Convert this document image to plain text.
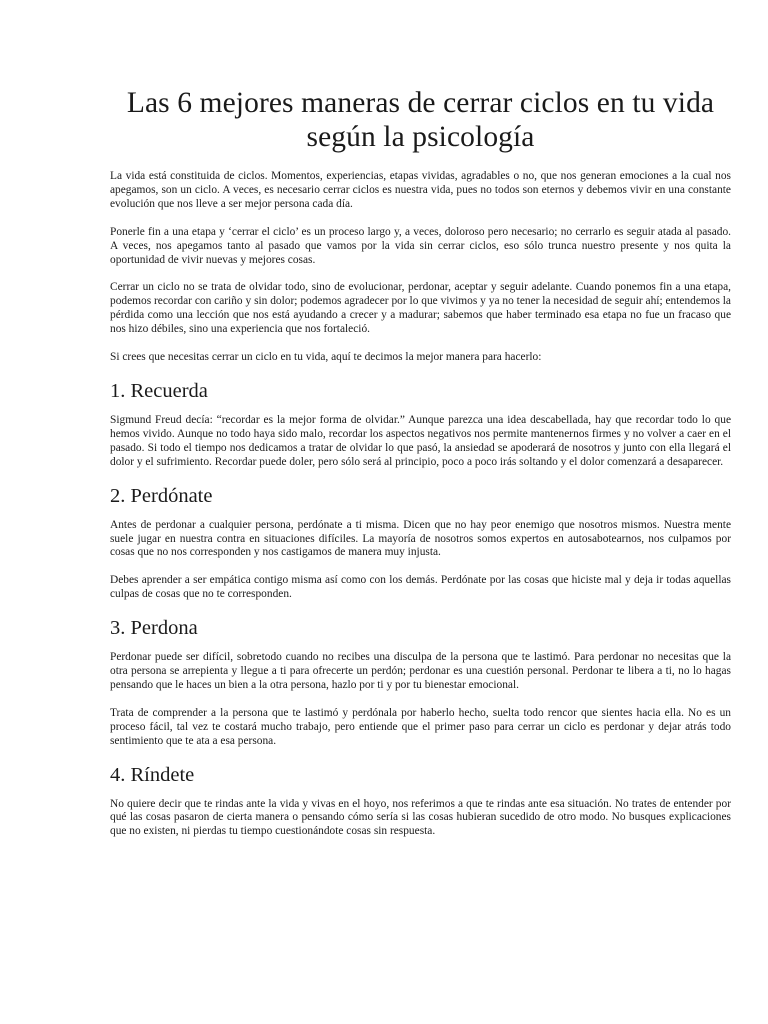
Las 6 mejores maneras de cerrar ciclos en tu vida según la psicología

La vida está constituida de ciclos. Momentos, experiencias, etapas vividas, agradables o no, que nos generan emociones a la cual nos apegamos, son un ciclo. A veces, es necesario cerrar ciclos es nuestra vida, pues no todos son eternos y debemos vivir en una constante evolución que nos lleve a ser mejor persona cada día.

Ponerle fin a una etapa y ‘cerrar el ciclo’ es un proceso largo y, a veces, doloroso pero necesario; no cerrarlo es seguir atada al pasado. A veces, nos apegamos tanto al pasado que vamos por la vida sin cerrar ciclos, eso sólo trunca nuestro presente y nos quita la oportunidad de vivir nuevas y mejores cosas.

Cerrar un ciclo no se trata de olvidar todo, sino de evolucionar, perdonar, aceptar y seguir adelante. Cuando ponemos fin a una etapa, podemos recordar con cariño y sin dolor; podemos agradecer por lo que vivimos y ya no tener la necesidad de seguir ahí; entendemos la pérdida como una lección que nos está ayudando a crecer y a madurar; sabemos que haber terminado esa etapa no fue un fracaso que nos hizo débiles, sino una experiencia que nos fortaleció.

Si crees que necesitas cerrar un ciclo en tu vida, aquí te decimos la mejor manera para hacerlo:

1. Recuerda

Sigmund Freud decía: “recordar es la mejor forma de olvidar.” Aunque parezca una idea descabellada, hay que recordar todo lo que hemos vivido. Aunque no todo haya sido malo, recordar los aspectos negativos nos permite mantenernos firmes y no volver a caer en el pasado. Si todo el tiempo nos dedicamos a tratar de olvidar lo que pasó, la ansiedad se apoderará de nosotros y junto con ella llegará el dolor y el sufrimiento. Recordar puede doler, pero sólo será al principio, poco a poco irás soltando y el dolor comenzará a desaparecer.

2. Perdónate

Antes de perdonar a cualquier persona, perdónate a ti misma. Dicen que no hay peor enemigo que nosotros mismos. Nuestra mente suele jugar en nuestra contra en situaciones difíciles. La mayoría de nosotros somos expertos en autosabotearnos, nos culpamos por cosas que no nos corresponden y nos castigamos de manera muy injusta.

Debes aprender a ser empática contigo misma así como con los demás. Perdónate por las cosas que hiciste mal y deja ir todas aquellas culpas de cosas que no te corresponden.

3. Perdona

Perdonar puede ser difícil, sobretodo cuando no recibes una disculpa de la persona que te lastimó. Para perdonar no necesitas que la otra persona se arrepienta y llegue a ti para ofrecerte un perdón; perdonar es una cuestión personal. Perdonar te libera a ti, no lo hagas pensando que le haces un bien a la otra persona, hazlo por ti y por tu bienestar emocional.

Trata de comprender a la persona que te lastimó y perdónala por haberlo hecho, suelta todo rencor que sientes hacia ella. No es un proceso fácil, tal vez te costará mucho trabajo, pero entiende que el primer paso para cerrar un ciclo es perdonar y dejar atrás todo sentimiento que te ata a esa persona.

4. Ríndete

No quiere decir que te rindas ante la vida y vivas en el hoyo, nos referimos a que te rindas ante esa situación. No trates de entender por qué las cosas pasaron de cierta manera o pensando cómo sería si las cosas hubieran sucedido de otro modo. No busques explicaciones que no existen, ni pierdas tu tiempo cuestionándote cosas sin respuesta.
